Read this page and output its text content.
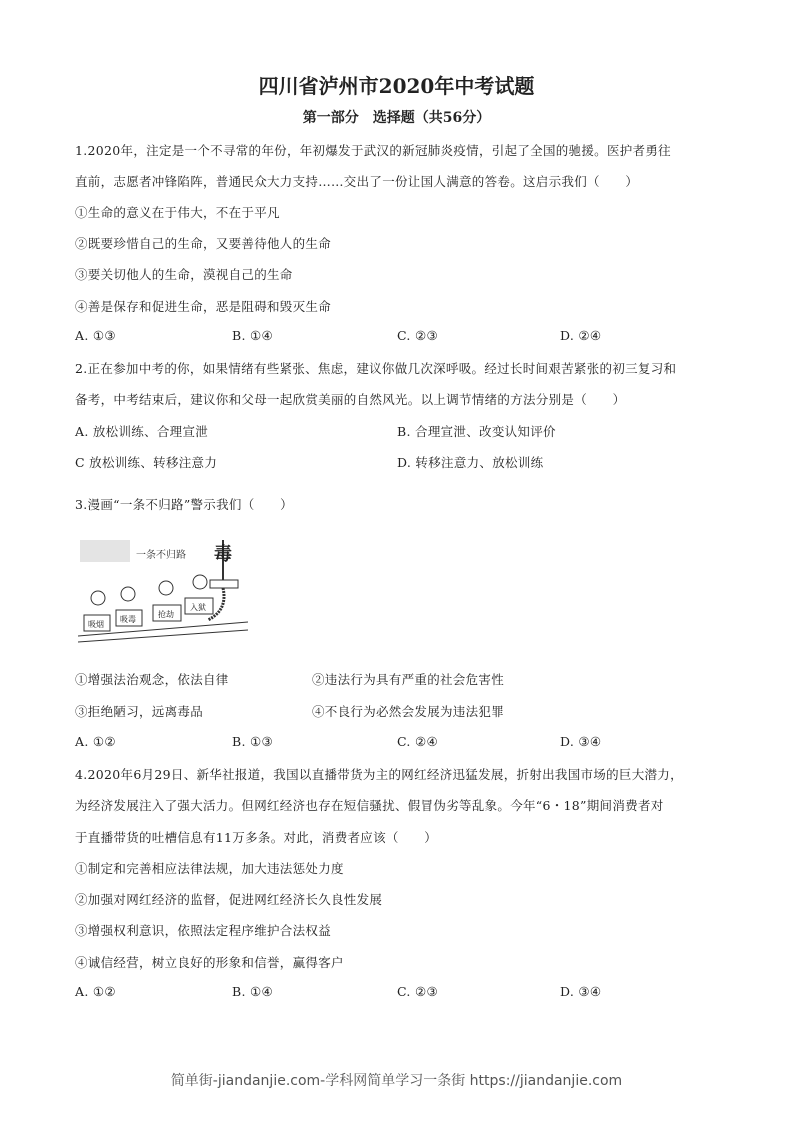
四川省泸州市2020年中考试题
第一部分　选择题（共56分）
1.2020年，注定是一个不寻常的年份，年初爆发于武汉的新冠肺炎疫情，引起了全国的驰援。医护者勇往
直前，志愿者冲锋陷阵，普通民众大力支持……交出了一份让国人满意的答卷。这启示我们（　　）
①生命的意义在于伟大，不在于平凡
②既要珍惜自己的生命，又要善待他人的生命
③要关切他人的生命，漠视自己的生命
④善是保存和促进生命，恶是阻碍和毁灭生命
A. ①③	B. ①④	C. ②③	D. ②④
2.正在参加中考的你，如果情绪有些紧张、焦虑，建议你做几次深呼吸。经过长时间艰苦紧张的初三复习和
备考，中考结束后，建议你和父母一起欣赏美丽的自然风光。以上调节情绪的方法分别是（　　）
A. 放松训练、合理宣泄	B. 合理宣泄、改变认知评价
C 放松训练、转移注意力	D. 转移注意力、放松训练
3.漫画“一条不归路”警示我们（　　）
一条不归路 毒
吸烟
吸毒
抢劫
入狱
①增强法治观念，依法自律	②违法行为具有严重的社会危害性
③拒绝陋习，远离毒品	④不良行为必然会发展为违法犯罪
A. ①②	B. ①③	C. ②④	D. ③④
4.2020年6月29日、新华社报道，我国以直播带货为主的网红经济迅猛发展，折射出我国市场的巨大潜力，
为经济发展注入了强大活力。但网红经济也存在短信骚扰、假冒伪劣等乱象。今年“6・18”期间消费者对
于直播带货的吐槽信息有11万多条。对此，消费者应该（　　）
①制定和完善相应法律法规，加大违法惩处力度
②加强对网红经济的监督，促进网红经济长久良性发展
③增强权利意识，依照法定程序维护合法权益
④诚信经营，树立良好的形象和信誉，赢得客户
A. ①②	B. ①④	C. ②③	D. ③④
简单街-jiandanjie.com-学科网简单学习一条街 https://jiandanjie.com
